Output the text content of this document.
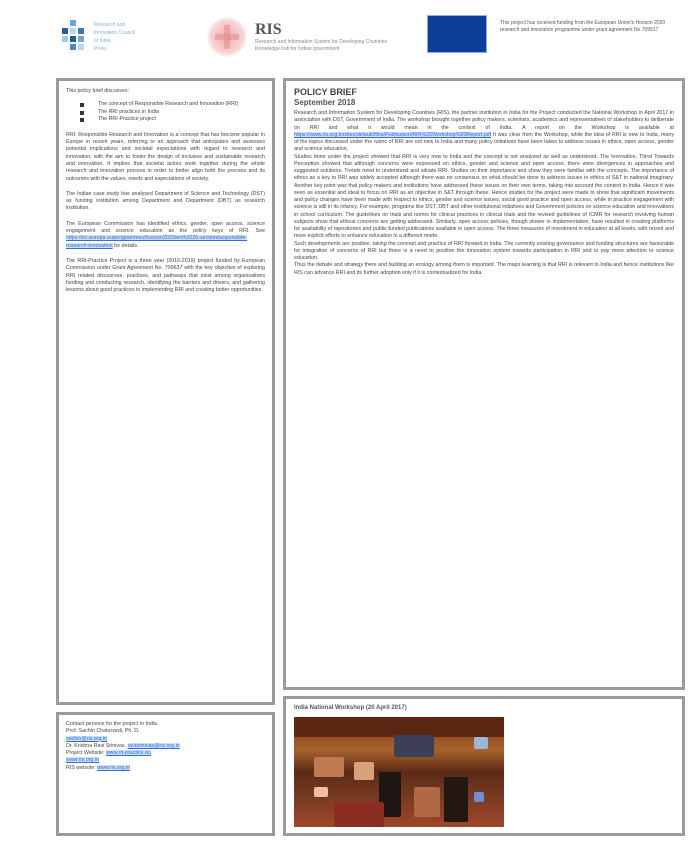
Research and
Innovation Council
of India
Press
RIS
Research and Information System for Developing Countries
Knowledge hub for Indian government
This project has received funding from the European Union's Horizon 2020 research and innovation programme under grant agreement No 709517
This policy brief discusses:
The concept of Responsible Research and Innovation (RRI)
The RRI practices in India
The RRI-Practice project

RRI: Responsible Research and Innovation is a concept that has become popular in Europe in recent years, referring to an approach that anticipates and assesses potential implications and societal expectations with regard to research and innovation, with the aim to foster the design of inclusive and sustainable research and innovation. It implies that societal actors work together during the whole research and innovation process in order to better align both the process and its outcomes with the values, needs and expectations of society.

The Indian case study has analysed Department of Science and Technology (DST) as funding institution among Department and Department (DBT) as research institution.

The European Commission has identified ethics, gender, open access, science engagement and science education as the policy keys of RRI. See https://ec.europa.eu/programmes/horizon2020/en/h2020-section/responsible-research-innovation for details.

The RRI-Practice Project is a three year (2016-2019) project funded by European Commission under Grant Agreement No. 709637 with the key objective of exploring RRI related discourses, practices, and pathways that exist among organisations funding and conducting research, identifying the barriers and drivers, and gathering lessons about good practices in implementing RRI and creating better opportunities.

Contact persons for the project in India
Prof. Sachin Chaturvedi, Ph. D.
sachin@ris.org.in
Dr. Krishna Ravi Srinivas, ravisrinivas@ris.org.in
Project Website: www.rri-practice.eu
www.ris.org.in
RIS website: www.ris.org.in
POLICY BRIEF
September 2018

Research and Information System for Developing Countries (RIS), the partner institution in India for the Project conducted the National Workshop in April 2017 in association with DST, Government of India. The workshop brought together policy makers, scientists, academics and representatives of stakeholders to deliberate on RRI and what it would mean in the context of India. A report on the Workshop is available at https://www.ris.org.in/sites/default/files/Publication/RRI%20Workshop%20Report.pdf It was clear from the Workshop, while the idea of RRI is new to India, many of the topics discussed under the rubric of RRI are not new to India and many policy initiatives have been taken to address issues in ethics, open access, gender and science education.

Studies done under the project showed that RRI is very new to India and the concept is not analyzed as well as understood. The Innovation, Thirst Towards Perception showed that although concerns were expressed on ethics, gender and science and open access, there were divergences in approaches and suggested solutions. Trends need to understand and situate RRI. Studies on their importance and show they were familiar with the concepts. The importance of ethics as a key to RRI was widely accepted although there was no consensus on what should be done to address issues in ethics of S&T in national imaginary. Another key point was that policy makers and institutions have addressed these issues on their own terms, taking into account the context in India. Hence it was seen as essential and ideal to focus on RRI as an objective in S&T through these. Hence studies for the project were made to show that significant movements and policy changes have been made with respect to ethics, gender and science issues, social good practice and open access, while in practice engagement with science is still in its infancy. For example, programs like DST, DBT and other institutional initiatives and Government policies on science education and innovations in school curriculum. The guidelines on trials and norms for clinical practices in clinical trials and the revised guidelines of ICMR for research involving human subjects show that ethical concerns are getting addressed. Similarly, open access policies, though slower in implementation, have resulted in creating platforms for availability of repositories and public-funded publications available in open access. The three measures of investment in education at all levels, with recent and more explicit efforts to enhance education in a different mode.

Such developments are positive, taking the concept and practice of RRI forward in India. The currently existing governance and funding structures are favourable for integration of concerns of RRI but there is a need to position the innovation system towards participation in RRI and to pay more attention to science education.

Thus the debate and strategy there and building an ecology among them is important. The major learning is that RRI is relevant to India and hence institutions like RIS can advance RRI and its further adoption only if it is contextualized for India.

India National Workshop (20 April 2017)
